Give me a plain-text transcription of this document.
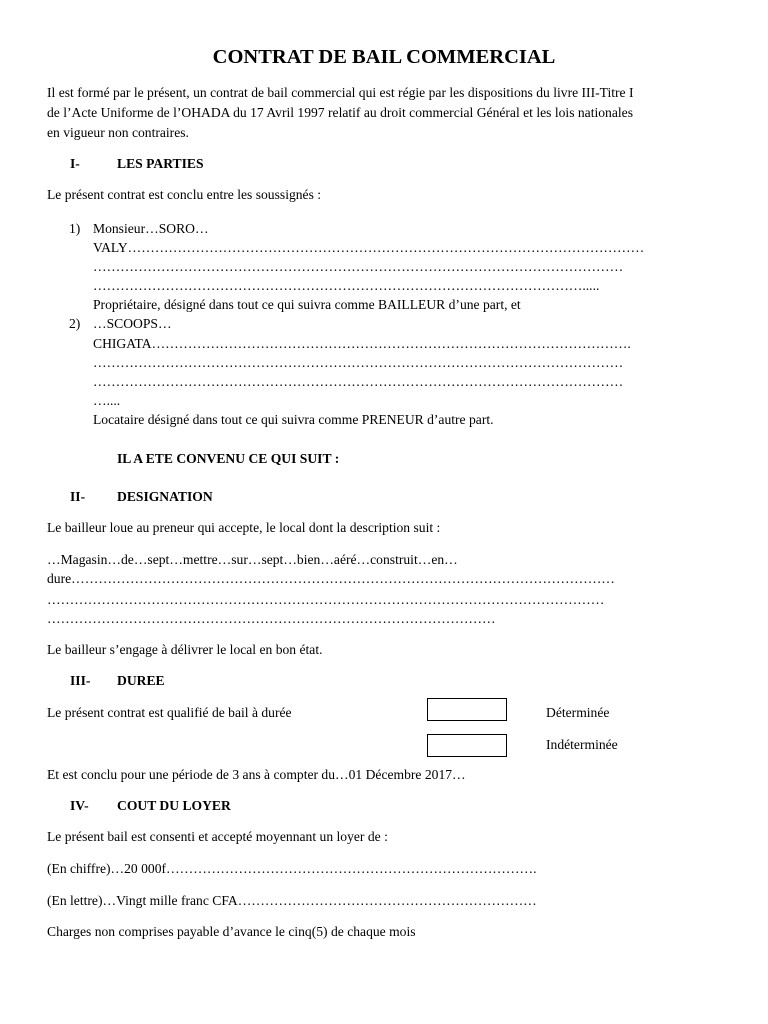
CONTRAT DE BAIL COMMERCIAL
Il est formé par le présent, un contrat de bail commercial qui est régie par les dispositions du livre III-Titre I
de l’Acte Uniforme de l’OHADA du 17 Avril 1997 relatif au droit commercial Général et les lois nationales
en vigueur non contraires.
I-	LES PARTIES
Le présent contrat est conclu entre les soussignés :
1) Monsieur…SORO…
VALY……………………………………………………………………………………………………
………………………………………………………………………………………………………
……………………………………………………………………………………………….....
Propriétaire, désigné dans tout ce qui suivra comme BAILLEUR d’une part, et
2) …SCOOPS…
CHIGATA…………………………………………………………………………………………….
………………………………………………………………………………………………………
………………………………………………………………………………………………………
…....
Locataire désigné dans tout ce qui suivra comme PRENEUR d’autre part.
IL A ETE CONVENU CE QUI SUIT :
II- DESIGNATION
Le bailleur loue au preneur qui accepte, le local dont la description suit :
…Magasin…de…sept…mettre…sur…sept…bien…aéré…construit…en…
dure…………………………………………………………………………………………………………
……………………………………………………………………………………………………………
………………………………………………………………………………………
Le bailleur s’engage à délivrer le local en bon état.
III- DUREE
Le présent contrat est qualifié de bail à durée	Déterminée
Indéterminée
Et est conclu pour une période de 3 ans à compter du…01 Décembre 2017…
IV- COUT DU LOYER
Le présent bail est consenti et accepté moyennant un loyer de :
(En chiffre)…20 000f……………………………………………………………………….
(En lettre)…Vingt mille franc CFA…………………………………………………………
Charges non comprises payable d’avance le cinq(5) de chaque mois
